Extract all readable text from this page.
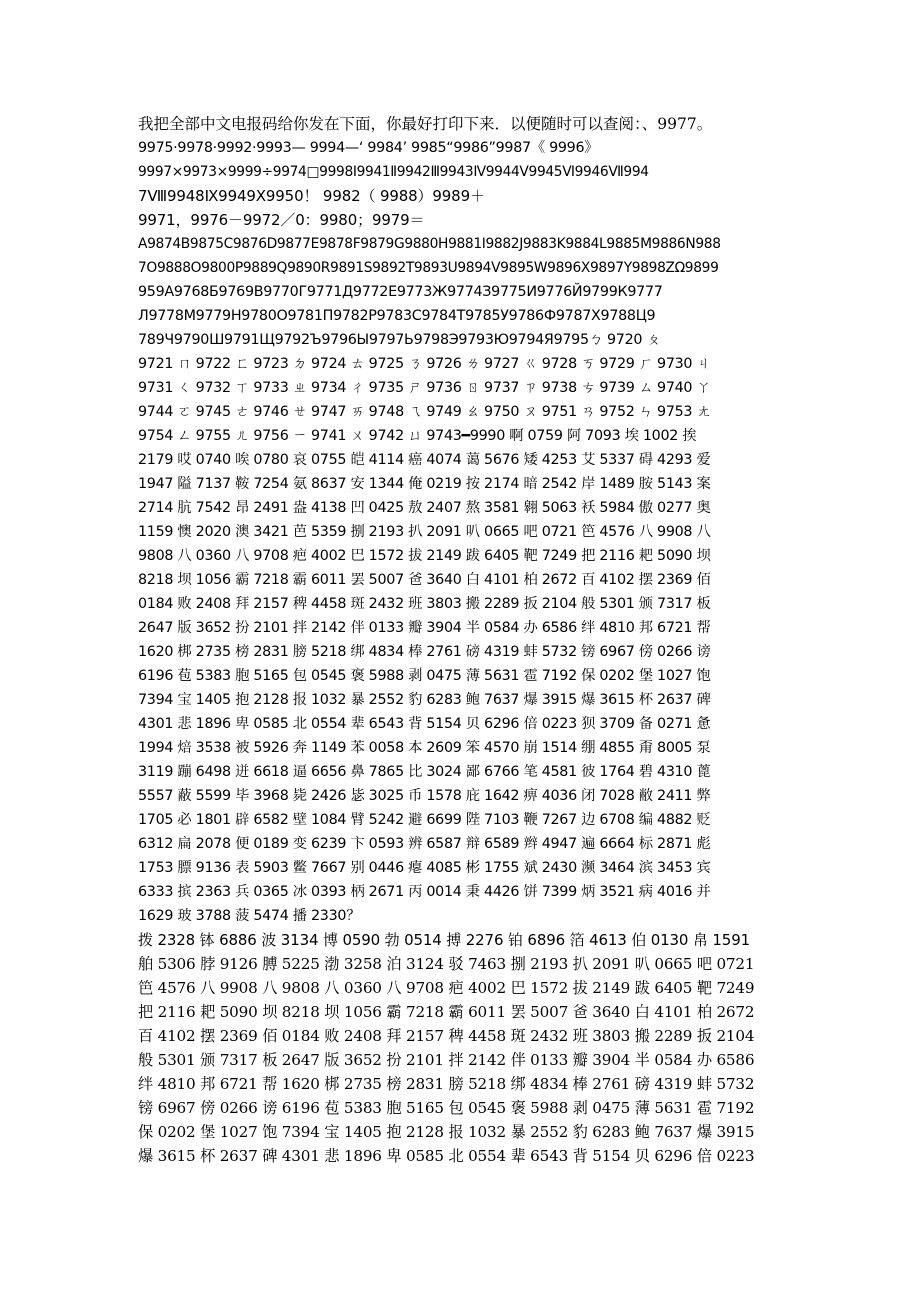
我把全部中文电报码给你发在下面，你最好打印下来．以便随时可以查阅：、9977。
9975·9978·9992·9993— 9994—‘ 9984’ 9985“9986”9987《 9996》
9997×9973×9999÷9974□9998Ⅰ9941Ⅱ9942Ⅲ9943Ⅳ9944Ⅴ9945Ⅵ9946Ⅶ994
7Ⅷ9948Ⅸ9949Ⅹ9950！ 9982（ 9988）9989＋
9971，9976－9972／0：9980；9979＝
A9874B9875C9876D9877E9878F9879G9880H9881I9882J9883K9884L9885M9886N988
7O9888O9800P9889Q9890R9891S9892T9893U9894V9895W9896X9897Y9898ZΩ9899
959А9768Б9769В9770Г9771Д9772Е9773Ж9774З9775И9776Й9799К9777
Л9778М9779Н9780О9781П9782Р9783С9784Т9785У9786Ф9787Х9788Ц9
789Ч9790Ш9791Щ9792Ъ9796Ы9797Ь9798Э9793Ю9794Я9795ㄅ 9720 ㄆ
9721 ㄇ 9722 ㄈ 9723 ㄉ 9724 ㄊ 9725 ㄋ 9726 ㄌ 9727 ㄍ 9728 ㄎ 9729 ㄏ 9730 ㄐ
9731 ㄑ 9732 ㄒ 9733 ㄓ 9734 ㄔ 9735 ㄕ 9736 ㄖ 9737 ㄗ 9738 ㄘ 9739 ㄙ 9740 ㄚ
9744 ㄛ 9745 ㄜ 9746 ㄝ 9747 ㄞ 9748 ㄟ 9749 ㄠ 9750 ㄡ 9751 ㄢ 9752 ㄣ 9753 ㄤ
9754 ㄥ 9755 ㄦ 9756 ㄧ 9741 ㄨ 9742 ㄩ 9743━9990 啊 0759 阿 7093 埃 1002 挨
2179 哎 0740 唉 0780 哀 0755 皑 4114 癌 4074 蔼 5676 矮 4253 艾 5337 碍 4293 爱
1947 隘 7137 鞍 7254 氨 8637 安 1344 俺 0219 按 2174 暗 2542 岸 1489 胺 5143 案
2714 肮 7542 昂 2491 盎 4138 凹 0425 敖 2407 熬 3581 翱 5063 袄 5984 傲 0277 奥
1159 懊 2020 澳 3421 芭 5359 捌 2193 扒 2091 叭 0665 吧 0721 笆 4576 八 9908 八
9808 八 0360 八 9708 疤 4002 巴 1572 拔 2149 跋 6405 靶 7249 把 2116 耙 5090 坝
8218 坝 1056 霸 7218 霸 6011 罢 5007 爸 3640 白 4101 柏 2672 百 4102 摆 2369 佰
0184 败 2408 拜 2157 稗 4458 斑 2432 班 3803 搬 2289 扳 2104 般 5301 颁 7317 板
2647 版 3652 扮 2101 拌 2142 伴 0133 瓣 3904 半 0584 办 6586 绊 4810 邦 6721 帮
1620 梆 2735 榜 2831 膀 5218 绑 4834 棒 2761 磅 4319 蚌 5732 镑 6967 傍 0266 谤
6196 苞 5383 胞 5165 包 0545 褒 5988 剥 0475 薄 5631 雹 7192 保 0202 堡 1027 饱
7394 宝 1405 抱 2128 报 1032 暴 2552 豹 6283 鲍 7637 爆 3915 爆 3615 杯 2637 碑
4301 悲 1896 卑 0585 北 0554 辈 6543 背 5154 贝 6296 倍 0223 狈 3709 备 0271 惫
1994 焙 3538 被 5926 奔 1149 苯 0058 本 2609 笨 4570 崩 1514 绷 4855 甭 8005 泵
3119 蹦 6498 迸 6618 逼 6656 鼻 7865 比 3024 鄙 6766 笔 4581 彼 1764 碧 4310 蓖
5557 蔽 5599 毕 3968 毙 2426 毖 3025 币 1578 庇 1642 痹 4036 闭 7028 敝 2411 弊
1705 必 1801 辟 6582 壁 1084 臂 5242 避 6699 陛 7103 鞭 7267 边 6708 编 4882 贬
6312 扁 2078 便 0189 变 6239 卞 0593 辨 6587 辩 6589 辫 4947 遍 6664 标 2871 彪
1753 膘 9136 表 5903 鳖 7667 别 0446 瘪 4085 彬 1755 斌 2430 濒 3464 滨 3453 宾
6333 摈 2363 兵 0365 冰 0393 柄 2671 丙 0014 秉 4426 饼 7399 炳 3521 病 4016 并
1629 玻 3788 菠 5474 播 2330？
拨 2328 钵 6886 波 3134 博 0590 勃 0514 搏 2276 铂 6896 箔 4613 伯 0130 帛 1591
舶 5306 脖 9126 膊 5225 渤 3258 泊 3124 驳 7463 捌 2193 扒 2091 叭 0665 吧 0721
笆 4576 八 9908 八 9808 八 0360 八 9708 疤 4002 巴 1572 拔 2149 跋 6405 靶 7249
把 2116 耙 5090 坝 8218 坝 1056 霸 7218 霸 6011 罢 5007 爸 3640 白 4101 柏 2672
百 4102 摆 2369 佰 0184 败 2408 拜 2157 稗 4458 斑 2432 班 3803 搬 2289 扳 2104
般 5301 颁 7317 板 2647 版 3652 扮 2101 拌 2142 伴 0133 瓣 3904 半 0584 办 6586
绊 4810 邦 6721 帮 1620 梆 2735 榜 2831 膀 5218 绑 4834 棒 2761 磅 4319 蚌 5732
镑 6967 傍 0266 谤 6196 苞 5383 胞 5165 包 0545 褒 5988 剥 0475 薄 5631 雹 7192
保 0202 堡 1027 饱 7394 宝 1405 抱 2128 报 1032 暴 2552 豹 6283 鲍 7637 爆 3915
爆 3615 杯 2637 碑 4301 悲 1896 卑 0585 北 0554 辈 6543 背 5154 贝 6296 倍 0223
